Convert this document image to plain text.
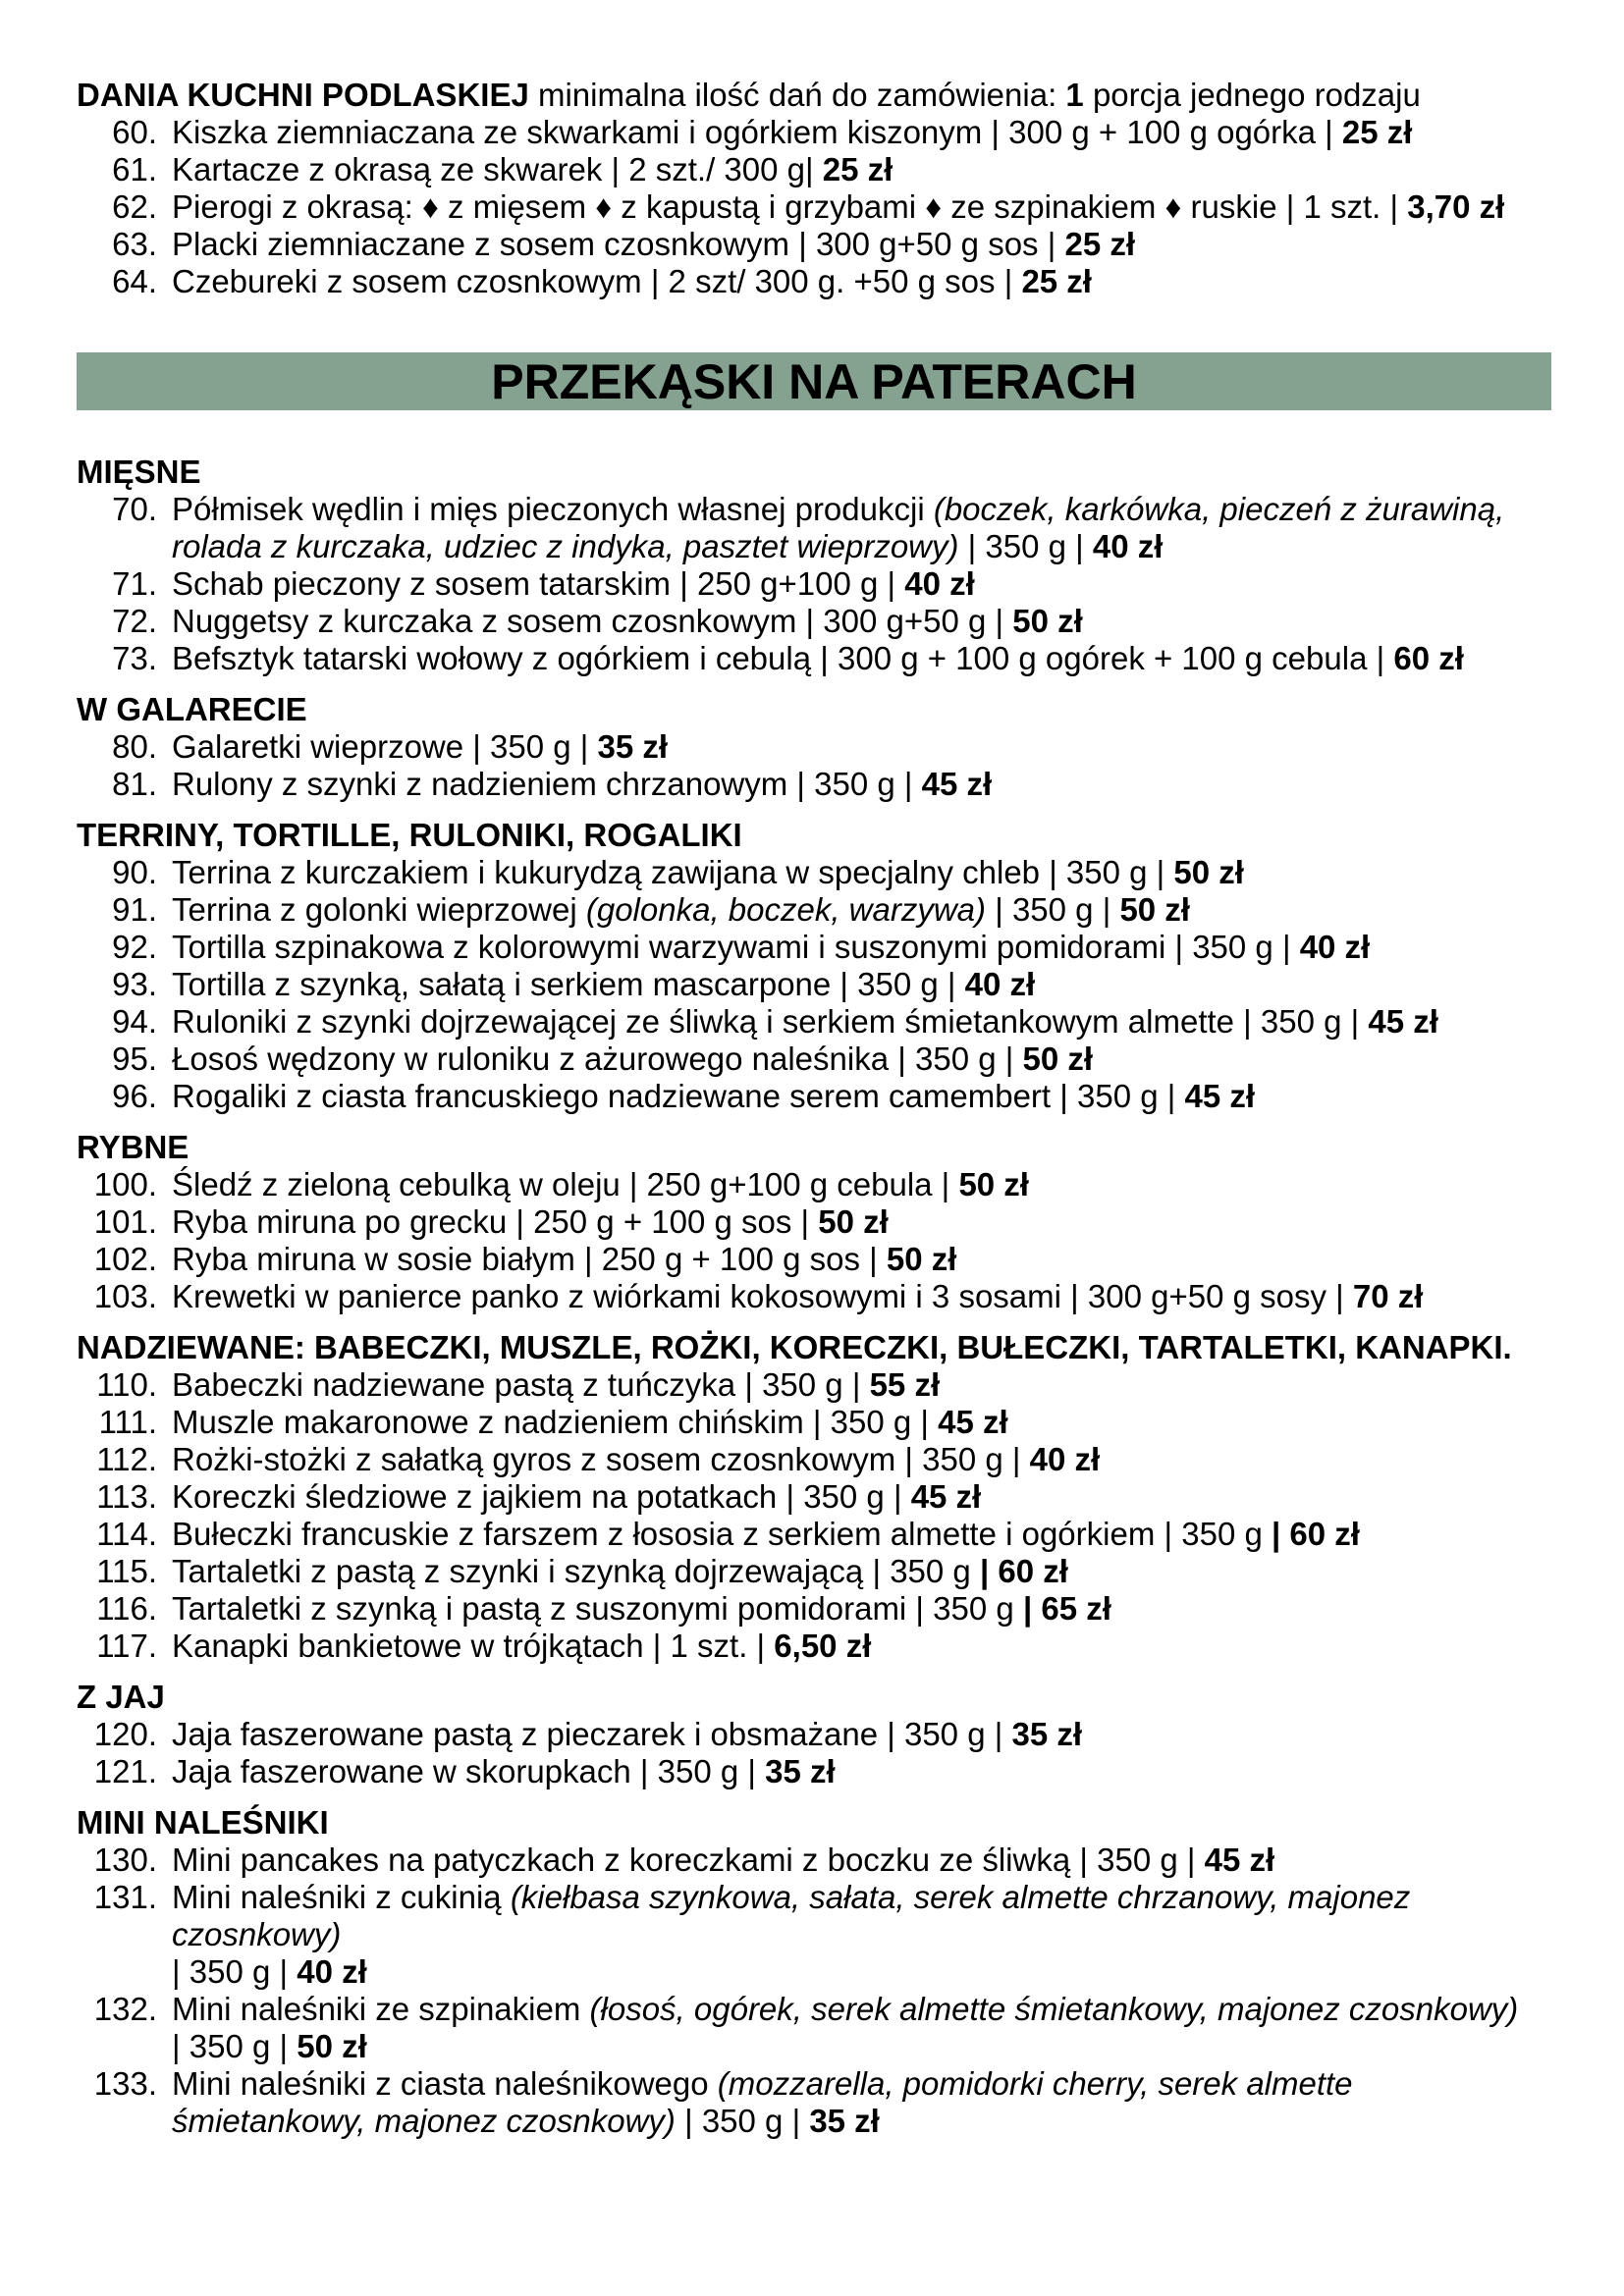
DANIA KUCHNI PODLASKIEJ minimalna ilość dań do zamówienia: 1 porcja jednego rodzaju

60. Kiszka ziemniaczana ze skwarkami i ogórkiem kiszonym | 300 g + 100 g ogórka | 25 zł
61. Kartacze z okrasą ze skwarek | 2 szt./ 300 g| 25 zł
62. Pierogi z okrasą: ♦ z mięsem ♦ z kapustą i grzybami ♦ ze szpinakiem ♦ ruskie | 1 szt. | 3,70 zł
63. Placki ziemniaczane z sosem czosnkowym | 300 g+50 g sos | 25 zł
64. Czebureki z sosem czosnkowym | 2 szt/ 300 g. +50 g sos | 25 zł
PRZEKĄSKI NA PATERACH
MIĘSNE
70. Półmisek wędlin i mięs pieczonych własnej produkcji (boczek, karkówka, pieczeń z żurawiną, rolada z kurczaka, udziec z indyka, pasztet wieprzowy) | 350 g | 40 zł
71. Schab pieczony z sosem tatarskim | 250 g+100 g | 40 zł
72. Nuggetsy z kurczaka z sosem czosnkowym | 300 g+50 g | 50 zł
73. Befsztyk tatarski wołowy z ogórkiem i cebulą | 300 g + 100 g ogórek + 100 g cebula | 60 zł
W GALARECIE
80. Galaretki wieprzowe | 350 g | 35 zł
81. Rulony z szynki z nadzieniem chrzanowym | 350 g | 45 zł
TERRINY, TORTILLE, RULONIKI, ROGALIKI
90. Terrina z kurczakiem i kukurydzą zawijana w specjalny chleb | 350 g | 50 zł
91. Terrina z golonki wieprzowej (golonka, boczek, warzywa) | 350 g | 50 zł
92. Tortilla szpinakowa z kolorowymi warzywami i suszonymi pomidorami | 350 g | 40 zł
93. Tortilla z szynką, sałatą i serkiem mascarpone | 350 g | 40 zł
94. Ruloniki z szynki dojrzewającej ze śliwką i serkiem śmietankowym almette | 350 g | 45 zł
95. Łosoś wędzony w ruloniku z ażurowego naleśnika | 350 g | 50 zł
96. Rogaliki z ciasta francuskiego nadziewane serem camembert | 350 g | 45 zł
RYBNE
100. Śledź z zieloną cebulką w oleju | 250 g+100 g cebula | 50 zł
101. Ryba miruna po grecku | 250 g + 100 g sos | 50 zł
102. Ryba miruna w sosie białym | 250 g + 100 g sos | 50 zł
103. Krewetki w panierce panko z wiórkami kokosowymi i 3 sosami | 300 g+50 g sosy | 70 zł
NADZIEWANE: BABECZKI, MUSZLE, ROŻKI, KORECZKI, BUŁECZKI, TARTALETKI, KANAPKI.
110. Babeczki nadziewane pastą z tuńczyka | 350 g | 55 zł
111. Muszle makaronowe z nadzieniem chińskim | 350 g | 45 zł
112. Rożki-stożki z sałatką gyros z sosem czosnkowym | 350 g | 40 zł
113. Koreczki śledziowe z jajkiem na potatkach | 350 g | 45 zł
114. Bułeczki francuskie z farszem z łososia z serkiem almette i ogórkiem | 350 g | 60 zł
115. Tartaletki z pastą z szynki i szynką dojrzewającą | 350 g | 60 zł
116. Tartaletki z szynką i pastą z suszonymi pomidorami | 350 g | 65 zł
117. Kanapki bankietowe w trójkątach | 1 szt. | 6,50 zł
Z JAJ
120. Jaja faszerowane pastą z pieczarek i obsmażane | 350 g | 35 zł
121. Jaja faszerowane w skorupkach | 350 g | 35 zł
MINI NALEŚNIKI
130. Mini pancakes na patyczkach z koreczkami z boczku ze śliwką | 350 g | 45 zł
131. Mini naleśniki z cukinią (kiełbasa szynkowa, sałata, serek almette chrzanowy, majonez czosnkowy)
| 350 g | 40 zł
132. Mini naleśniki ze szpinakiem (łosoś, ogórek, serek almette śmietankowy, majonez czosnkowy)
| 350 g | 50 zł
133. Mini naleśniki z ciasta naleśnikowego (mozzarella, pomidorki cherry, serek almette śmietankowy, majonez czosnkowy) | 350 g | 35 zł
